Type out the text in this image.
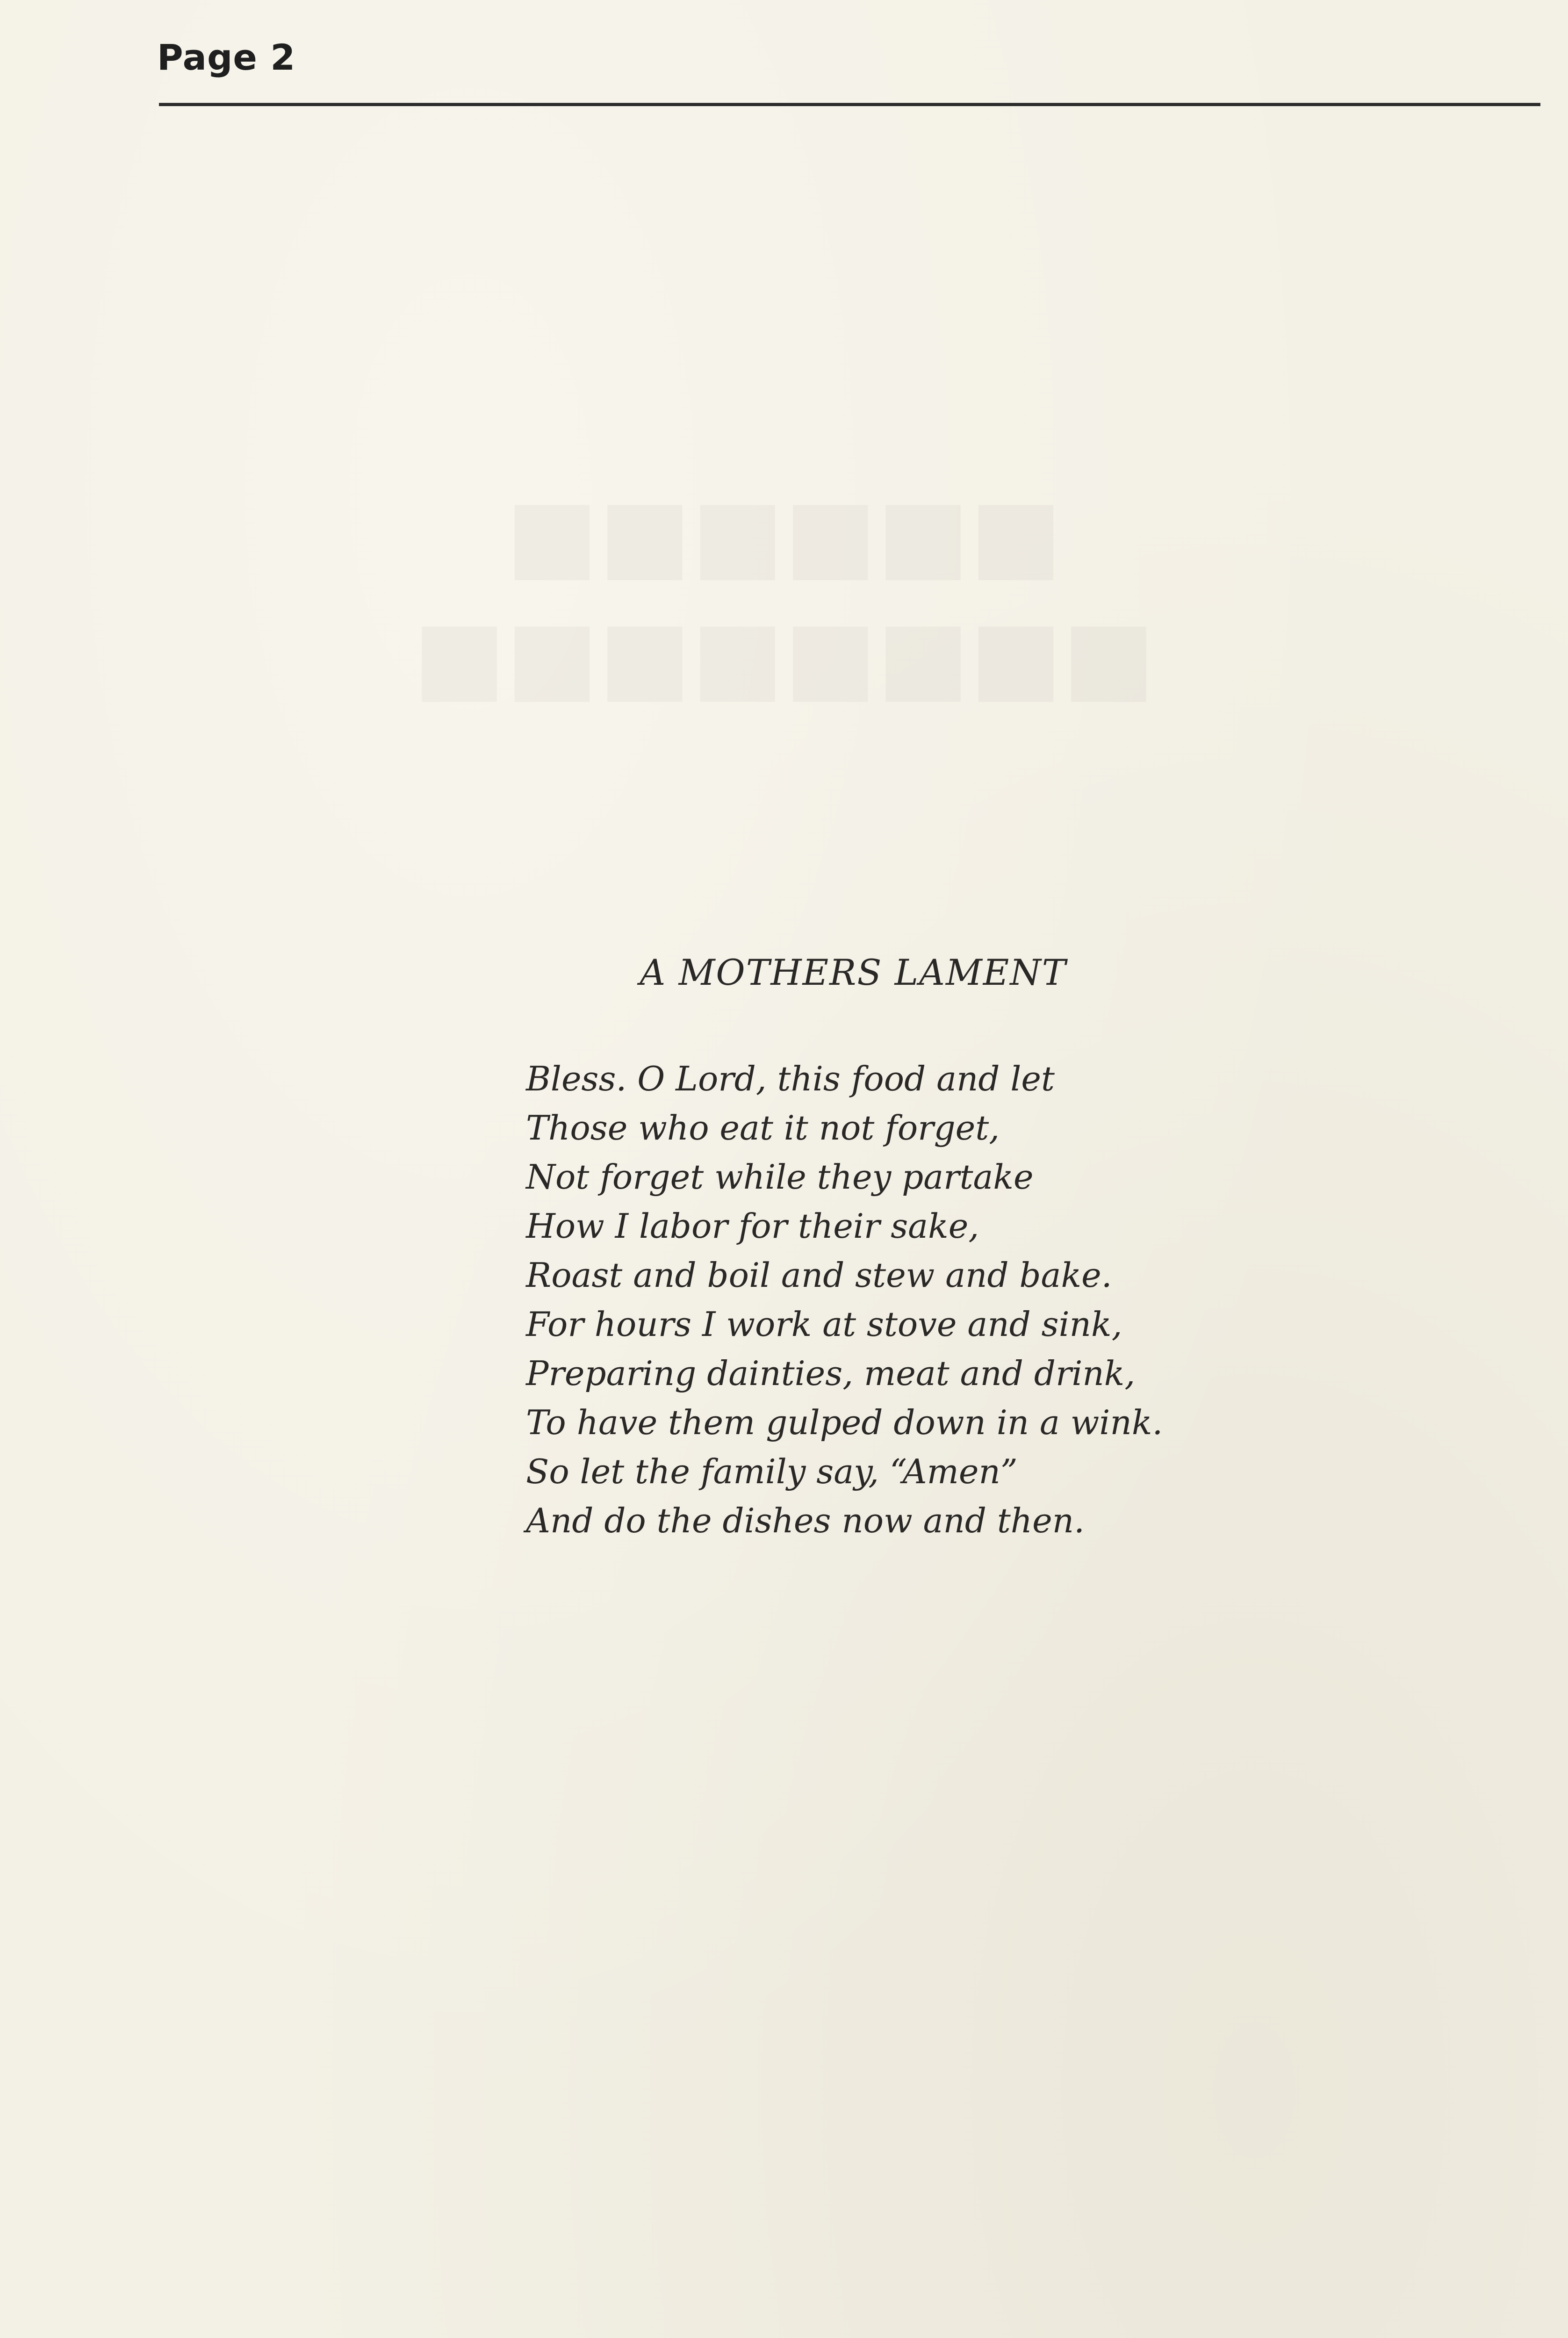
■■■■■■
■■■■■■■■
Page 2
A MOTHERS LAMENT
Bless. O Lord, this food and let
Those who eat it not forget,
Not forget while they partake
How I labor for their sake,
Roast and boil and stew and bake.
For hours I work at stove and sink,
Preparing dainties, meat and drink,
To have them gulped down in a wink.
So let the family say, “Amen”
And do the dishes now and then.
